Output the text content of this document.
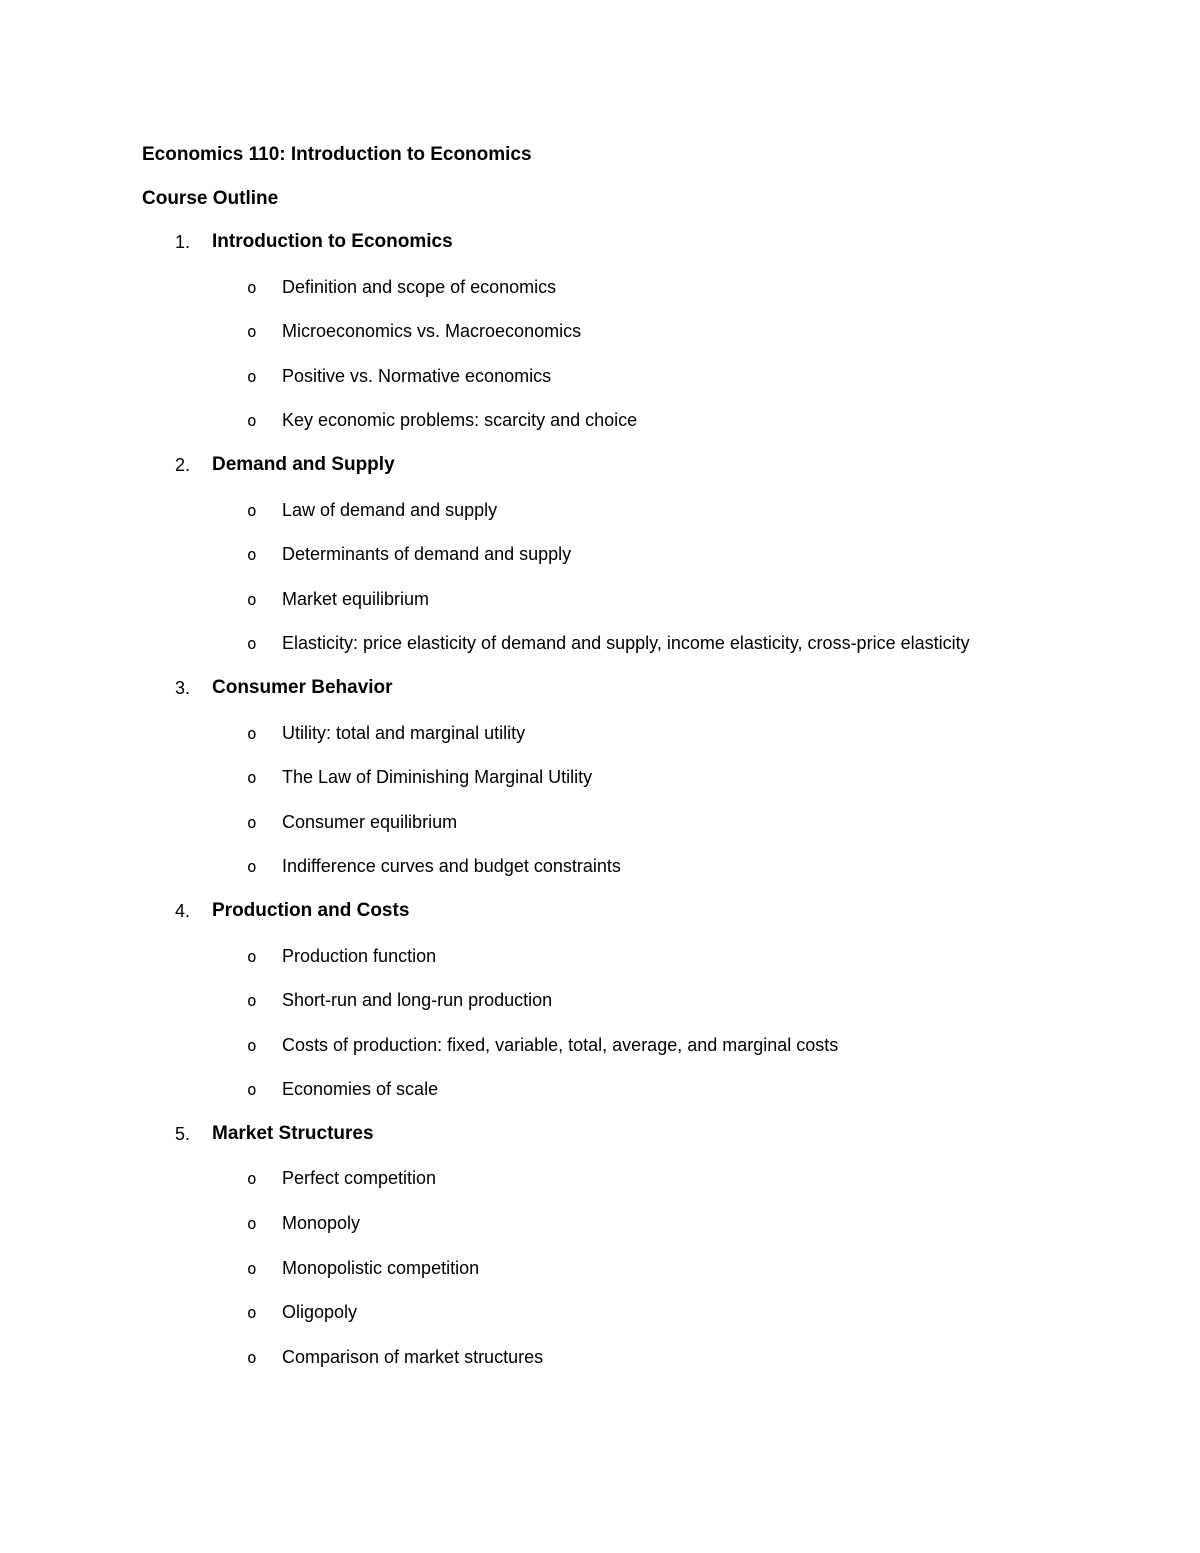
Economics 110: Introduction to Economics
Course Outline
1. Introduction to Economics
o Definition and scope of economics
o Microeconomics vs. Macroeconomics
o Positive vs. Normative economics
o Key economic problems: scarcity and choice
2. Demand and Supply
o Law of demand and supply
o Determinants of demand and supply
o Market equilibrium
o Elasticity: price elasticity of demand and supply, income elasticity, cross-price elasticity
3. Consumer Behavior
o Utility: total and marginal utility
o The Law of Diminishing Marginal Utility
o Consumer equilibrium
o Indifference curves and budget constraints
4. Production and Costs
o Production function
o Short-run and long-run production
o Costs of production: fixed, variable, total, average, and marginal costs
o Economies of scale
5. Market Structures
o Perfect competition
o Monopoly
o Monopolistic competition
o Oligopoly
o Comparison of market structures
